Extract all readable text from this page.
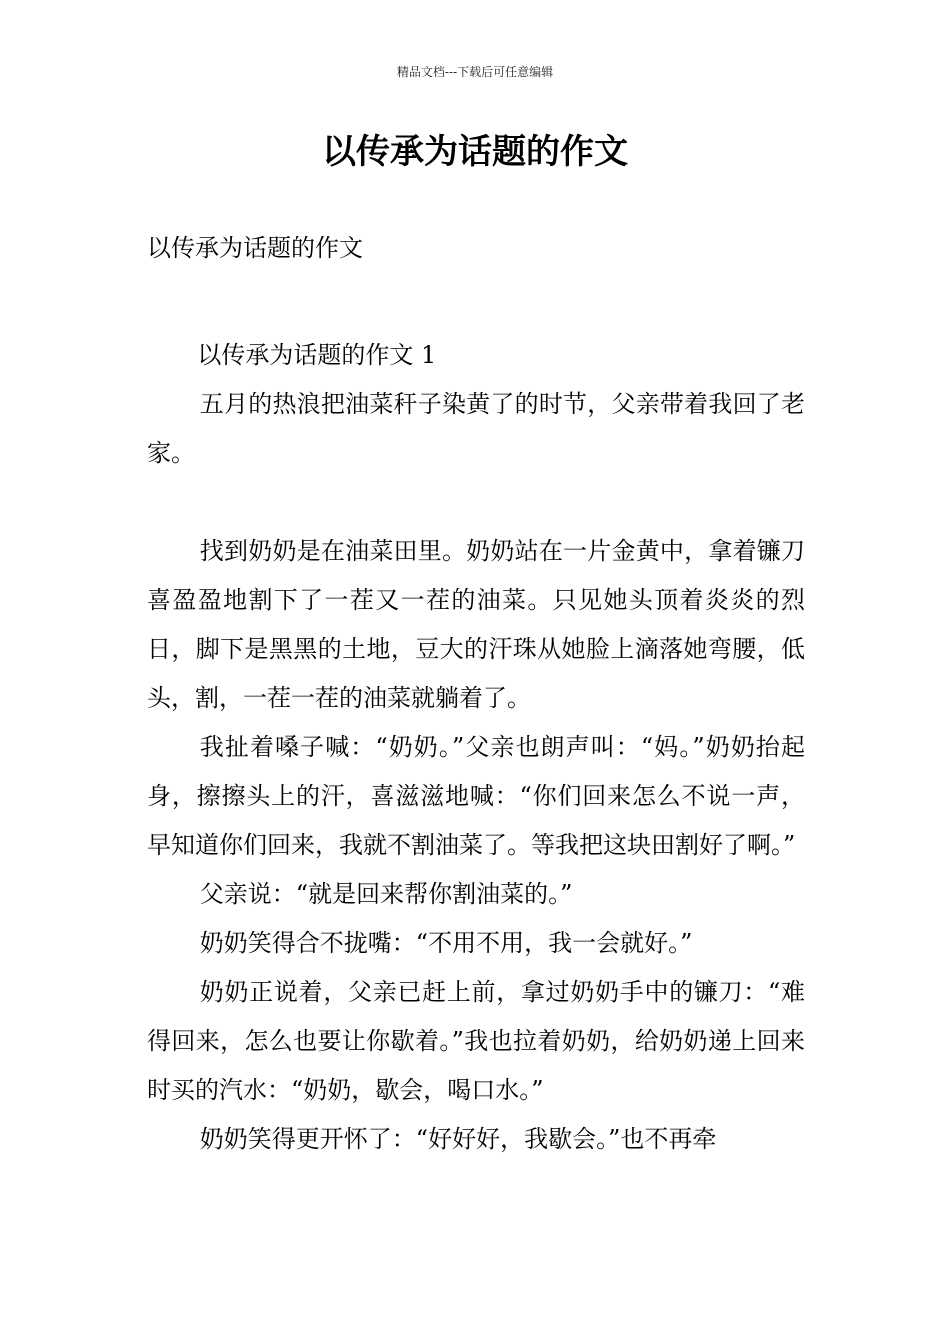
精品文档---下载后可任意编辑
以传承为话题的作文
以传承为话题的作文

以传承为话题的作文 1

五月的热浪把油菜秆子染黄了的时节，父亲带着我回了老家。

找到奶奶是在油菜田里。奶奶站在一片金黄中，拿着镰刀喜盈盈地割下了一茬又一茬的油菜。只见她头顶着炎炎的烈日，脚下是黑黑的土地，豆大的汗珠从她脸上滴落她弯腰，低头，割，一茬一茬的油菜就躺着了。

我扯着嗓子喊：“奶奶。”父亲也朗声叫：“妈。”奶奶抬起身，擦擦头上的汗，喜滋滋地喊：“你们回来怎么不说一声，早知道你们回来，我就不割油菜了。等我把这块田割好了啊。”

父亲说：“就是回来帮你割油菜的。”

奶奶笑得合不拢嘴：“不用不用，我一会就好。”

奶奶正说着，父亲已赶上前，拿过奶奶手中的镰刀：“难得回来，怎么也要让你歇着。”我也拉着奶奶，给奶奶递上回来时买的汽水：“奶奶，歇会，喝口水。”

奶奶笑得更开怀了：“好好好，我歇会。”也不再牵
